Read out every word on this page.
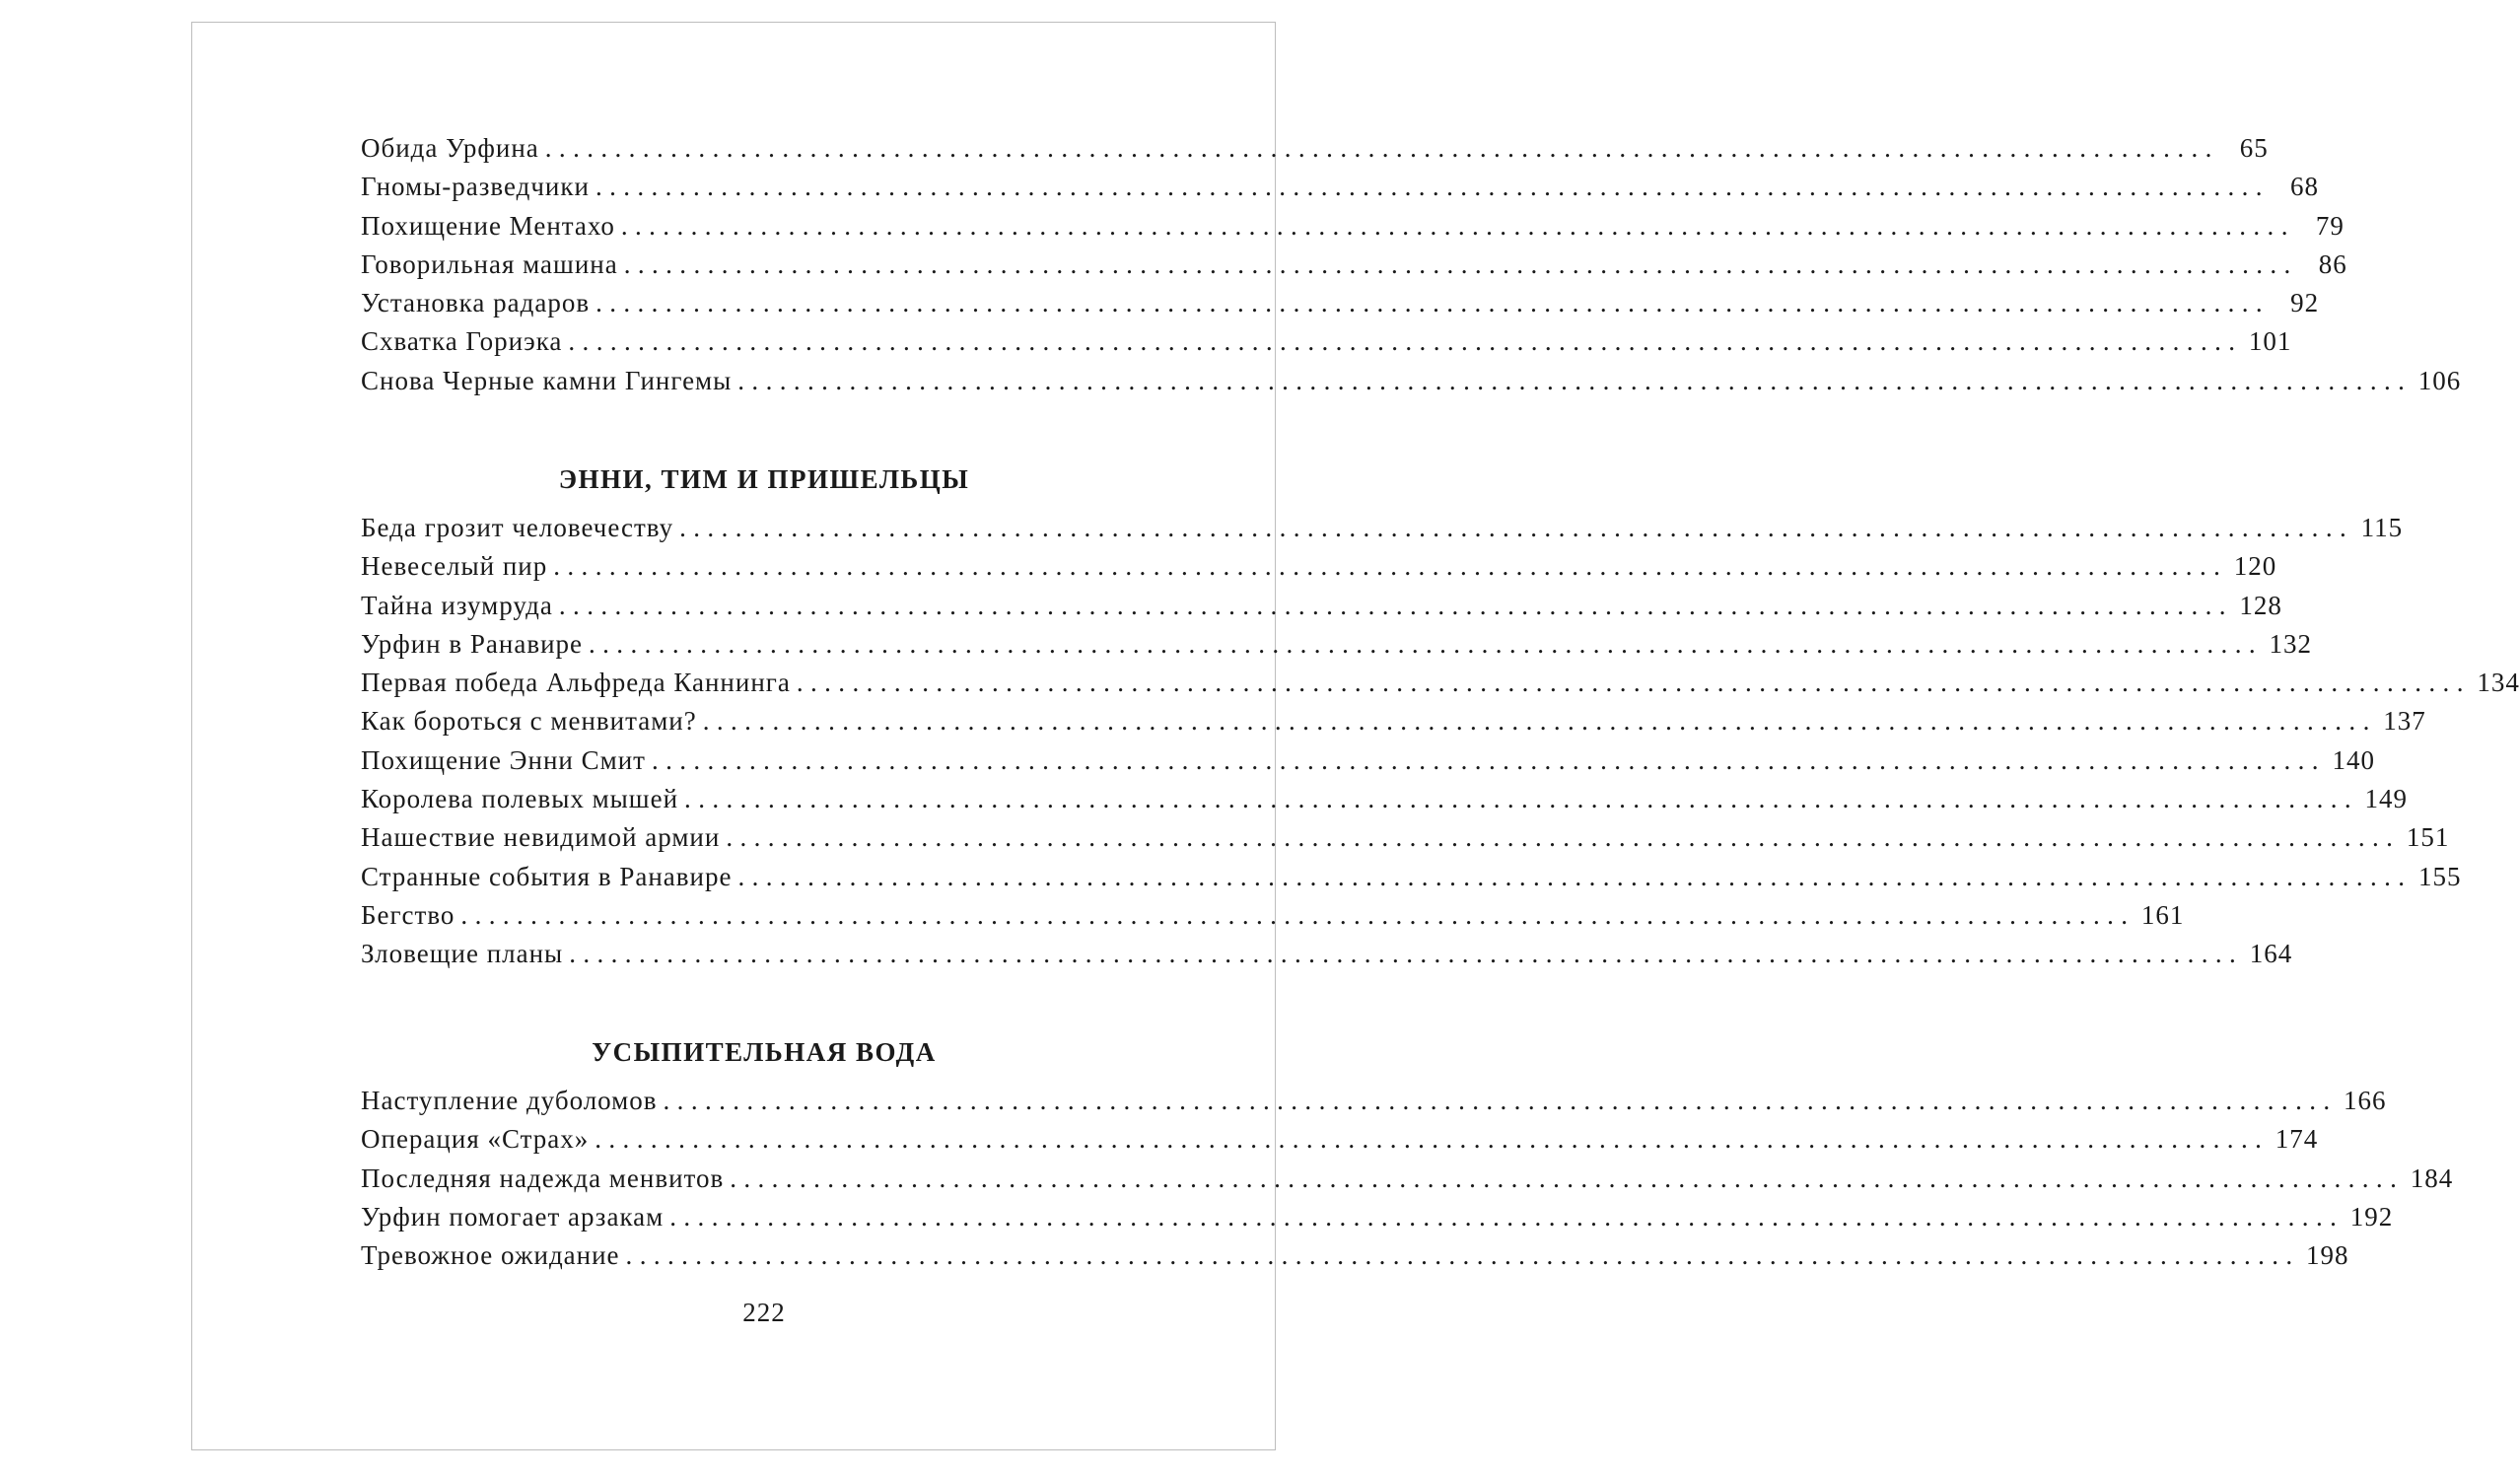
Обида Урфина ........................................................................................................................ 65
Гномы-разведчики ........................................................................................................................ 68
Похищение Ментахо ........................................................................................................................ 79
Говорильная машина ........................................................................................................................ 86
Установка радаров ........................................................................................................................ 92
Схватка Гориэка ........................................................................................................................ 101
Снова Черные камни Гингемы ........................................................................................................................ 106
ЭННИ, ТИМ И ПРИШЕЛЬЦЫ
Беда грозит человечеству ........................................................................................................................ 115
Невеселый пир ........................................................................................................................ 120
Тайна изумруда ........................................................................................................................ 128
Урфин в Ранавире ........................................................................................................................ 132
Первая победа Альфреда Каннинга ........................................................................................................................ 134
Как бороться с менвитами? ........................................................................................................................ 137
Похищение Энни Смит ........................................................................................................................ 140
Королева полевых мышей ........................................................................................................................ 149
Нашествие невидимой армии ........................................................................................................................ 151
Странные события в Ранавире ........................................................................................................................ 155
Бегство ........................................................................................................................ 161
Зловещие планы ........................................................................................................................ 164
УСЫПИТЕЛЬНАЯ ВОДА
Наступление дуболомов ........................................................................................................................ 166
Операция «Страх» ........................................................................................................................ 174
Последняя надежда менвитов ........................................................................................................................ 184
Урфин помогает арзакам ........................................................................................................................ 192
Тревожное ожидание ........................................................................................................................ 198
222
